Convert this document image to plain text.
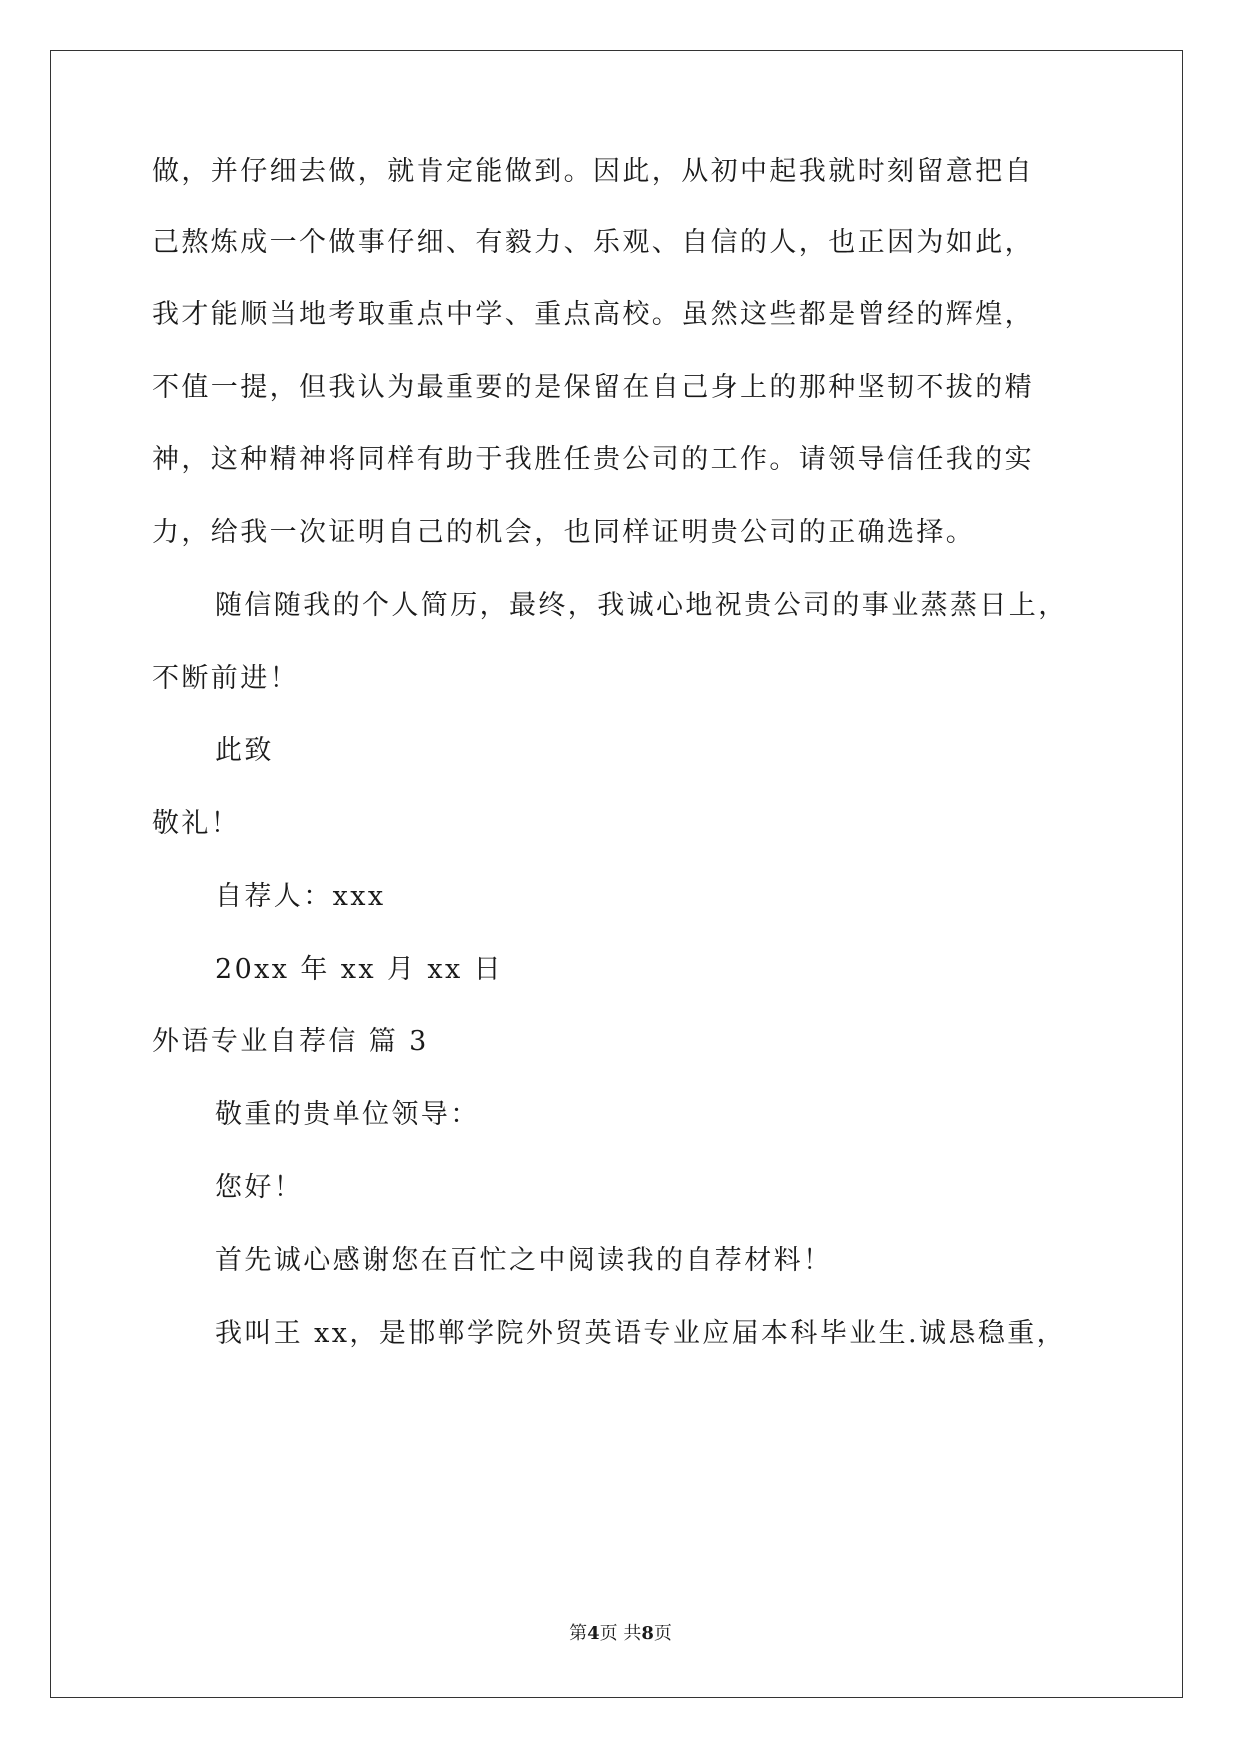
做，并仔细去做，就肯定能做到。因此，从初中起我就时刻留意把自
己熬炼成一个做事仔细、有毅力、乐观、自信的人，也正因为如此，
我才能顺当地考取重点中学、重点高校。虽然这些都是曾经的辉煌，
不值一提，但我认为最重要的是保留在自己身上的那种坚韧不拔的精
神，这种精神将同样有助于我胜任贵公司的工作。请领导信任我的实
力，给我一次证明自己的机会，也同样证明贵公司的正确选择。
随信随我的个人简历，最终，我诚心地祝贵公司的事业蒸蒸日上，
不断前进！
此致
敬礼！
自荐人：xxx
20xx 年 xx 月 xx 日
外语专业自荐信 篇 3
敬重的贵单位领导：
您好！
首先诚心感谢您在百忙之中阅读我的自荐材料！
我叫王 xx，是邯郸学院外贸英语专业应届本科毕业生.诚恳稳重，
第4页 共8页
